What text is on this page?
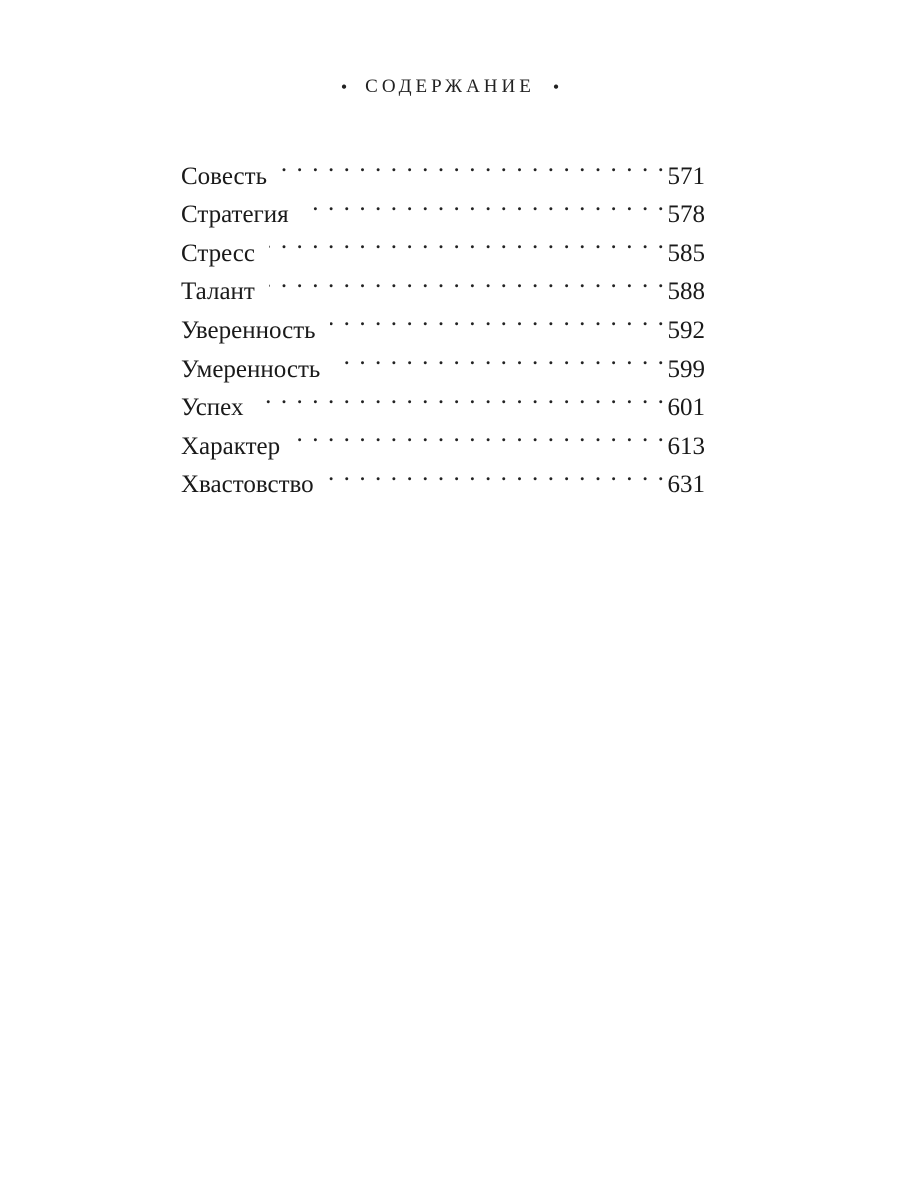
• СОДЕРЖАНИЕ •
Совесть . . .	571
Стратегия . . .	578
Стресс . . .	585
Талант . . .	588
Уверенность . . .	592
Умеренность . . .	599
Успех . . .	601
Характер . . .	613
Хвастовство . . .	631
